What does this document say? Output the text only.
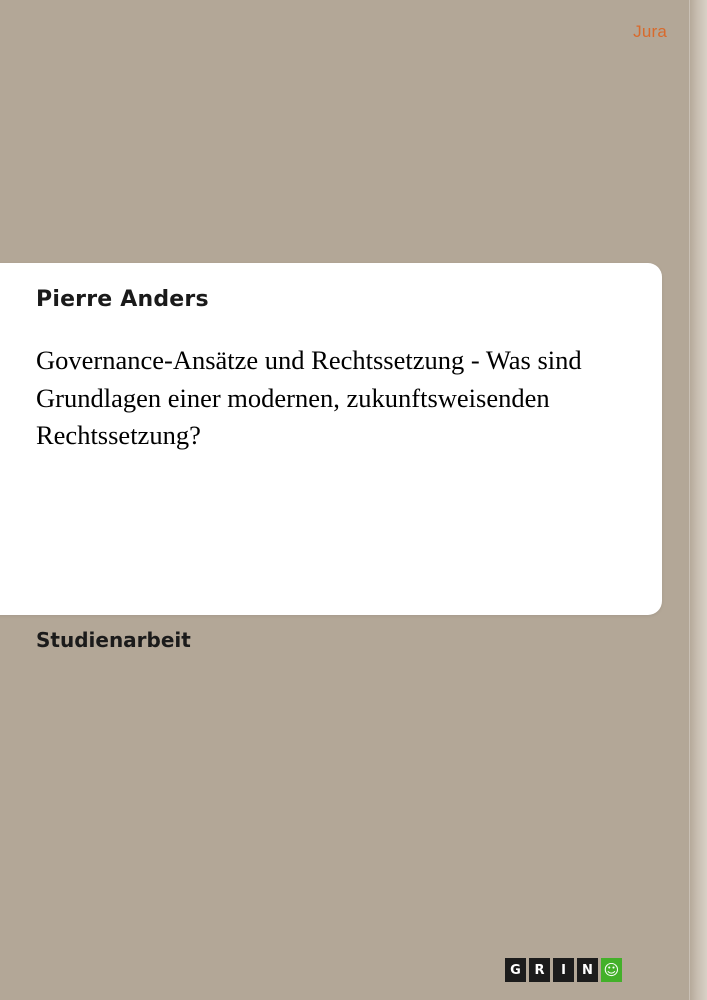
Jura
Pierre Anders
Governance-Ansätze und Rechtssetzung - Was sind Grundlagen einer modernen, zukunftsweisenden Rechtssetzung?
Studienarbeit
G	R	I	N ☺
